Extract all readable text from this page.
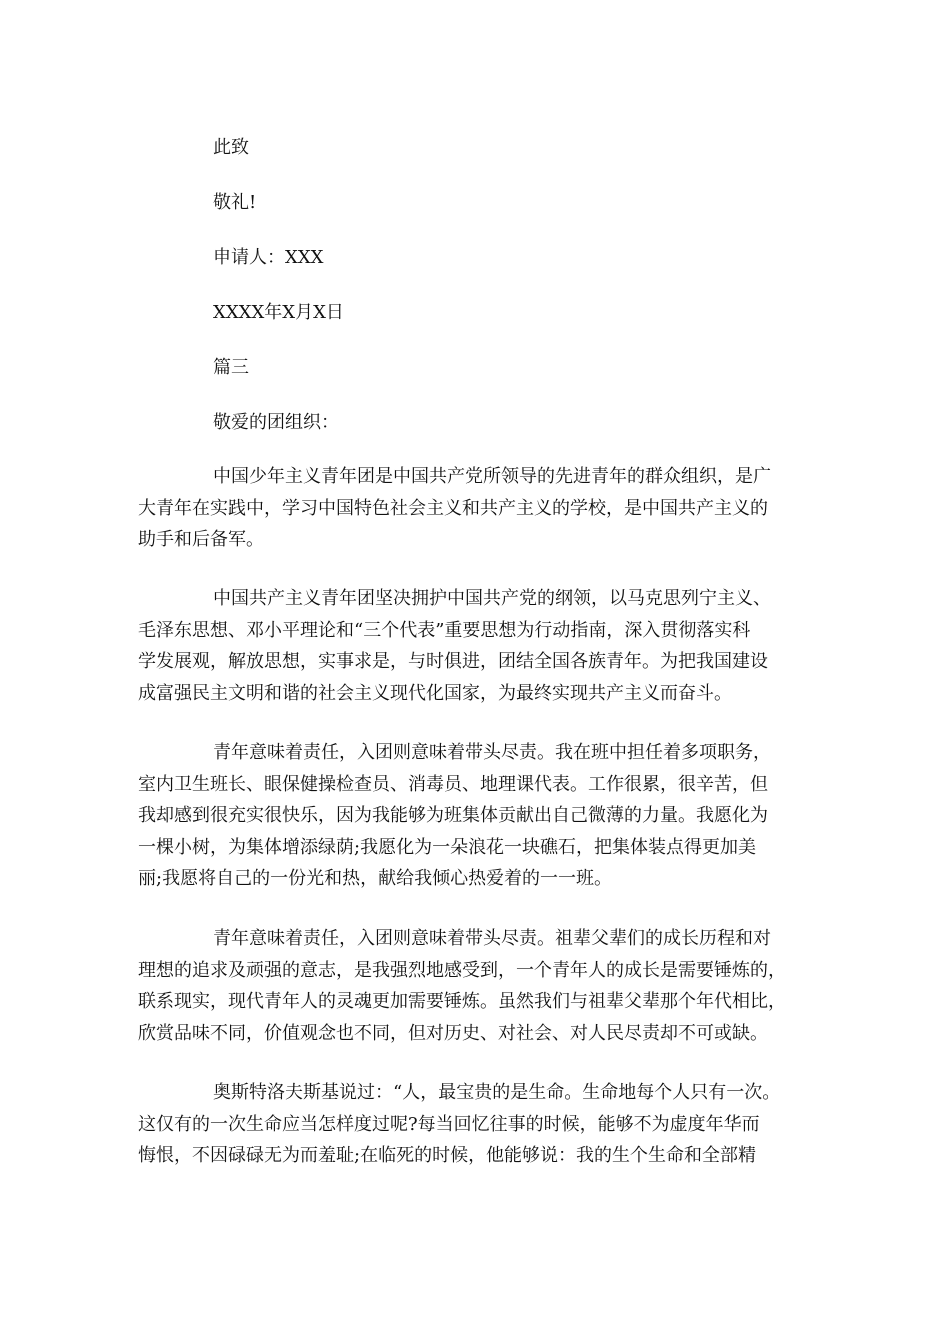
此致
敬礼!
申请人：XXX
XXXX年X月X日
篇三
敬爱的团组织：
中国少年主义青年团是中国共产党所领导的先进青年的群众组织，是广
大青年在实践中，学习中国特色社会主义和共产主义的学校，是中国共产主义的
助手和后备军。
中国共产主义青年团坚决拥护中国共产党的纲领，以马克思列宁主义、
毛泽东思想、邓小平理论和“三个代表”重要思想为行动指南，深入贯彻落实科
学发展观，解放思想，实事求是，与时俱进，团结全国各族青年。为把我国建设
成富强民主文明和谐的社会主义现代化国家，为最终实现共产主义而奋斗。
青年意味着责任，入团则意味着带头尽责。我在班中担任着多项职务，
室内卫生班长、眼保健操检查员、消毒员、地理课代表。工作很累，很辛苦，但
我却感到很充实很快乐，因为我能够为班集体贡献出自己微薄的力量。我愿化为
一棵小树，为集体增添绿荫;我愿化为一朵浪花一块礁石，把集体装点得更加美
丽;我愿将自己的一份光和热，献给我倾心热爱着的一一班。
青年意味着责任，入团则意味着带头尽责。祖辈父辈们的成长历程和对
理想的追求及顽强的意志，是我强烈地感受到，一个青年人的成长是需要锤炼的，
联系现实，现代青年人的灵魂更加需要锤炼。虽然我们与祖辈父辈那个年代相比，
欣赏品味不同，价值观念也不同，但对历史、对社会、对人民尽责却不可或缺。
奥斯特洛夫斯基说过：“人，最宝贵的是生命。生命地每个人只有一次。
这仅有的一次生命应当怎样度过呢?每当回忆往事的时候，能够不为虚度年华而
悔恨，不因碌碌无为而羞耻;在临死的时候，他能够说：我的生个生命和全部精
